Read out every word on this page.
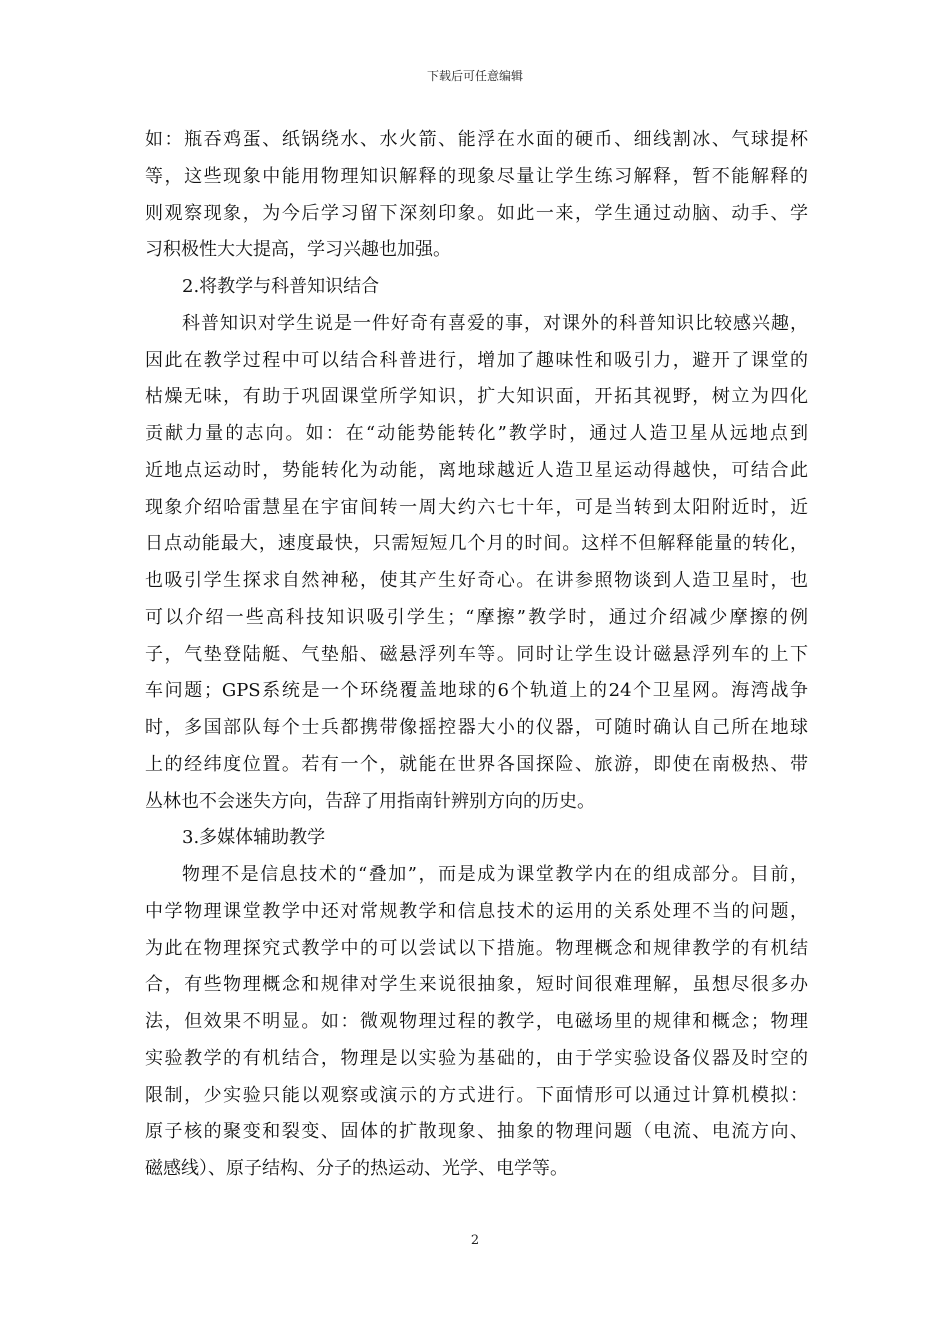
下载后可任意编辑
如：瓶吞鸡蛋、纸锅绕水、水火箭、能浮在水面的硬币、细线割冰、气球提杯
等，这些现象中能用物理知识解释的现象尽量让学生练习解释，暂不能解释的
则观察现象，为今后学习留下深刻印象。如此一来，学生通过动脑、动手、学
习积极性大大提高，学习兴趣也加强。
2.将教学与科普知识结合
科普知识对学生说是一件好奇有喜爱的事，对课外的科普知识比较感兴趣，
因此在教学过程中可以结合科普进行，增加了趣味性和吸引力，避开了课堂的
枯燥无味，有助于巩固课堂所学知识，扩大知识面，开拓其视野，树立为四化
贡献力量的志向。如：在“动能势能转化”教学时，通过人造卫星从远地点到
近地点运动时，势能转化为动能，离地球越近人造卫星运动得越快，可结合此
现象介绍哈雷慧星在宇宙间转一周大约六七十年，可是当转到太阳附近时，近
日点动能最大，速度最快，只需短短几个月的时间。这样不但解释能量的转化，
也吸引学生探求自然神秘，使其产生好奇心。在讲参照物谈到人造卫星时，也
可以介绍一些高科技知识吸引学生；“摩擦”教学时，通过介绍减少摩擦的例
子，气垫登陆艇、气垫船、磁悬浮列车等。同时让学生设计磁悬浮列车的上下
车问题；GPS系统是一个环绕覆盖地球的6个轨道上的24个卫星网。海湾战争
时，多国部队每个士兵都携带像摇控器大小的仪器，可随时确认自己所在地球
上的经纬度位置。若有一个，就能在世界各国探险、旅游，即使在南极热、带
丛林也不会迷失方向，告辞了用指南针辨别方向的历史。
3.多媒体辅助教学
物理不是信息技术的“叠加”，而是成为课堂教学内在的组成部分。目前，
中学物理课堂教学中还对常规教学和信息技术的运用的关系处理不当的问题，
为此在物理探究式教学中的可以尝试以下措施。物理概念和规律教学的有机结
合，有些物理概念和规律对学生来说很抽象，短时间很难理解，虽想尽很多办
法，但效果不明显。如：微观物理过程的教学，电磁场里的规律和概念；物理
实验教学的有机结合，物理是以实验为基础的，由于学实验设备仪器及时空的
限制，少实验只能以观察或演示的方式进行。下面情形可以通过计算机模拟：
原子核的聚变和裂变、固体的扩散现象、抽象的物理问题（电流、电流方向、
磁感线）、原子结构、分子的热运动、光学、电学等。
2
